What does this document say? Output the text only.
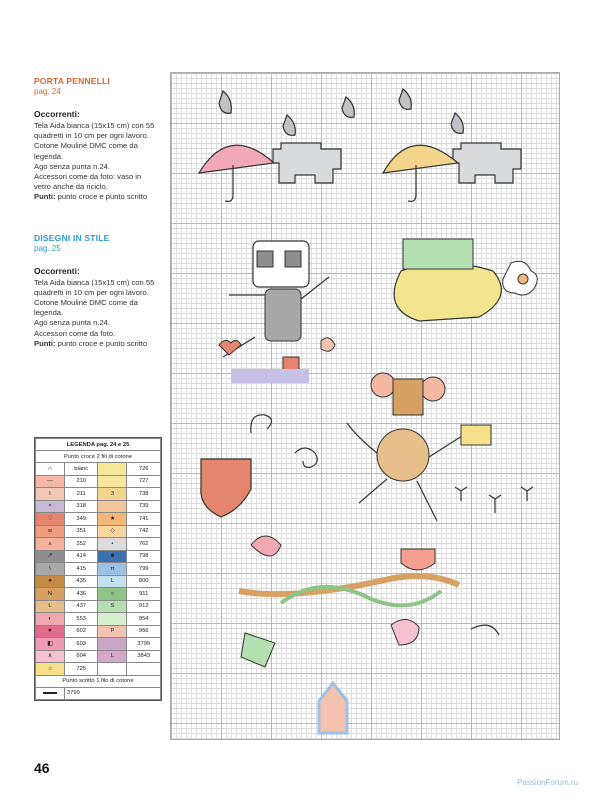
PORTA PENNELLI
pag. 24
Occorrenti:
Tela Aida bianca (15x15 cm) con 55
quadretti in 10 cm per ogni lavoro.
Cotone Mouliné DMC come da
legenda.
Ago senza punta n.24.
Accessori come da foto: vaso in
vetro anche da riciclo.
Punti: punto croce e punto scritto
DISEGNI IN STILE
pag. 25
Occorrenti:
Tela Aida bianca (15x15 cm) con 55
quadretti in 10 cm per ogni lavoro.
Cotone Mouliné DMC come da
legenda.
Ago senza punta n.24.
Accessori come da foto.
Punti: punto croce e punto scritto
LEGENDA pag. 24 e 25			
Punto croce 2 fili di cotone			
∩	blanc		726
—	210		727
I	211	3	738
×	318		739
♡	349	★	741
w	351	◇	742
ʌ	352	•	762
↗	414	■	798
\	415	π	799
●	435	L	800
N	436	○	911
L	437	S	912
◐	553		954
♥	602	P	956
◧	603		3799
∧	604	L	3843
☆	725		
Punto scritto 1 filo di cotone			
	3799		
46
PassionForum.ru
